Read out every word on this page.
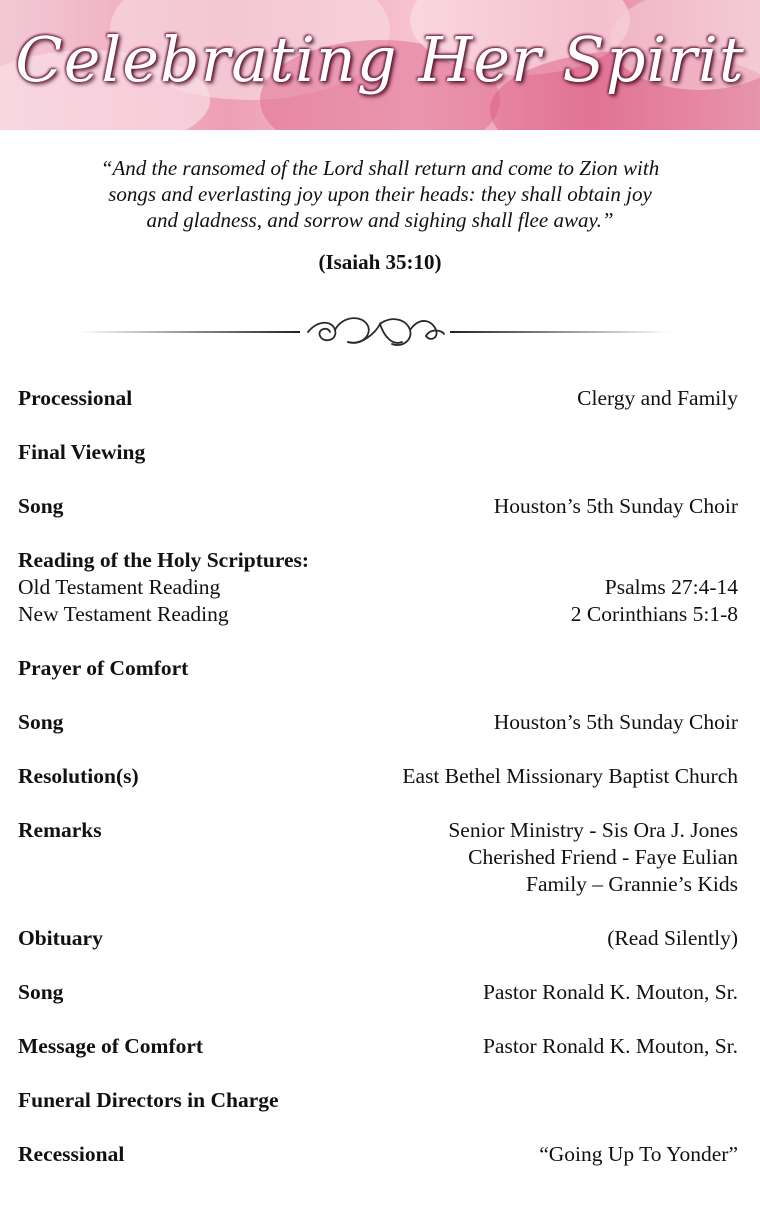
Celebrating Her Spirit
“And the ransomed of the Lord shall return and come to Zion with
songs and everlasting joy upon their heads: they shall obtain joy
and gladness, and sorrow and sighing shall flee away.”
(Isaiah 35:10)
Processional	Clergy and Family
Final Viewing
Song	Houston’s 5th Sunday Choir
Reading of the Holy Scriptures:
Old Testament Reading	Psalms 27:4-14
New Testament Reading	2 Corinthians 5:1-8
Prayer of Comfort
Song	Houston’s 5th Sunday Choir
Resolution(s)	East Bethel Missionary Baptist Church
Remarks	Senior Ministry - Sis Ora J. Jones
Cherished Friend - Faye Eulian
Family – Grannie’s Kids
Obituary	(Read Silently)
Song	Pastor Ronald K. Mouton, Sr.
Message of Comfort	Pastor Ronald K. Mouton, Sr.
Funeral Directors in Charge
Recessional	“Going Up To Yonder”
